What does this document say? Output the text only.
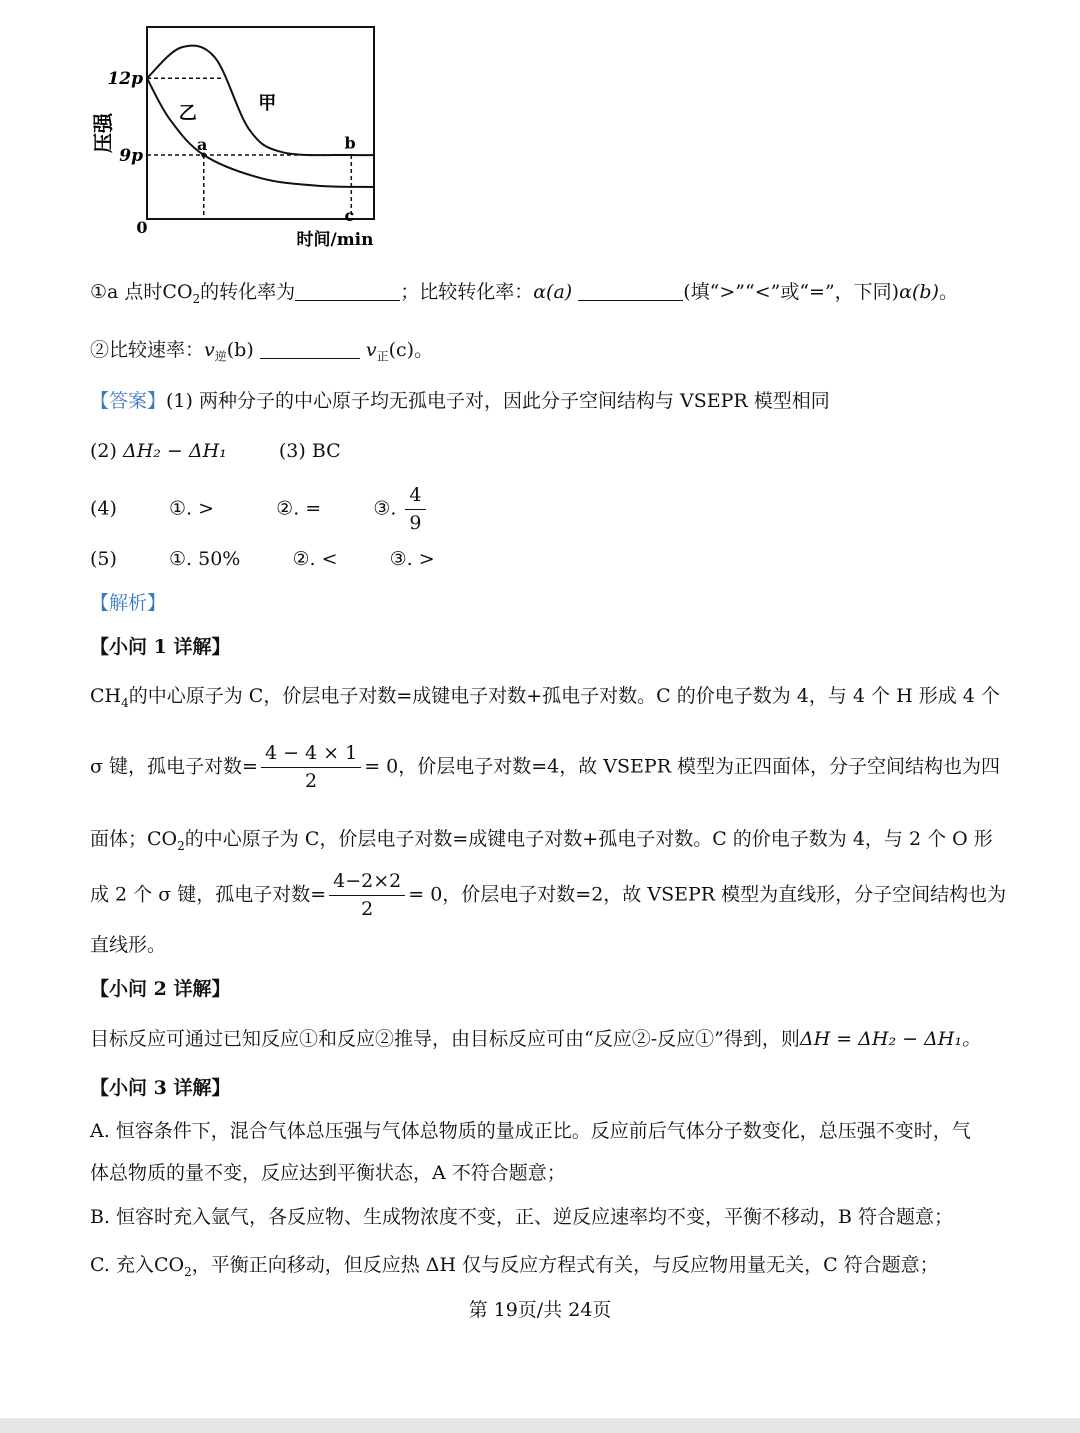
压强
时间/min
0
12p
9p
甲
乙
a	b
c
①a 点时$CO_2$的转化率为	；比较转化率：α(a)	(填“>”“<”或“=”，下同)α(b)。
②比较速率：$v_逆(b)$	$v_正(c)$。
【答案】(1) 两种分子的中心原子均无孤电子对，因此分子空间结构与 VSEPR 模型相同
(2) ΔH₂ − ΔH₁	(3) BC
(4)	①. >	②. =	③. $\frac{4}{9}$
(5)	①. 50%	②. <	③. >
【解析】
【小问 1 详解】
$CH_4$的中心原子为 C，价层电子对数=成键电子对数+孤电子对数。C 的价电子数为 4，与 4 个 H 形成 4 个
σ 键，孤电子对数= $\frac{4 - 4 \times 1}{2} = 0$，价层电子对数=4，故 VSEPR 模型为正四面体，分子空间结构也为四
面体；$CO_2$的中心原子为 C，价层电子对数=成键电子对数+孤电子对数。C 的价电子数为 4，与 2 个 O 形
成 2 个 σ 键，孤电子对数= $\frac{4-2\times 2}{2} = 0$，价层电子对数=2，故 VSEPR 模型为直线形，分子空间结构也为
直线形。
【小问 2 详解】
目标反应可通过已知反应①和反应②推导，由目标反应可由“反应②-反应①”得到，则ΔH = ΔH₂ − ΔH₁。
【小问 3 详解】
A. 恒容条件下，混合气体总压强与气体总物质的量成正比。反应前后气体分子数变化，总压强不变时，气
体总物质的量不变，反应达到平衡状态，A 不符合题意；
B. 恒容时充入氩气，各反应物、生成物浓度不变，正、逆反应速率均不变，平衡不移动，B 符合题意；
C. 充入$CO_2$，平衡正向移动，但反应热 ΔH 仅与反应方程式有关，与反应物用量无关，C 符合题意；
第 19页/共 24页
